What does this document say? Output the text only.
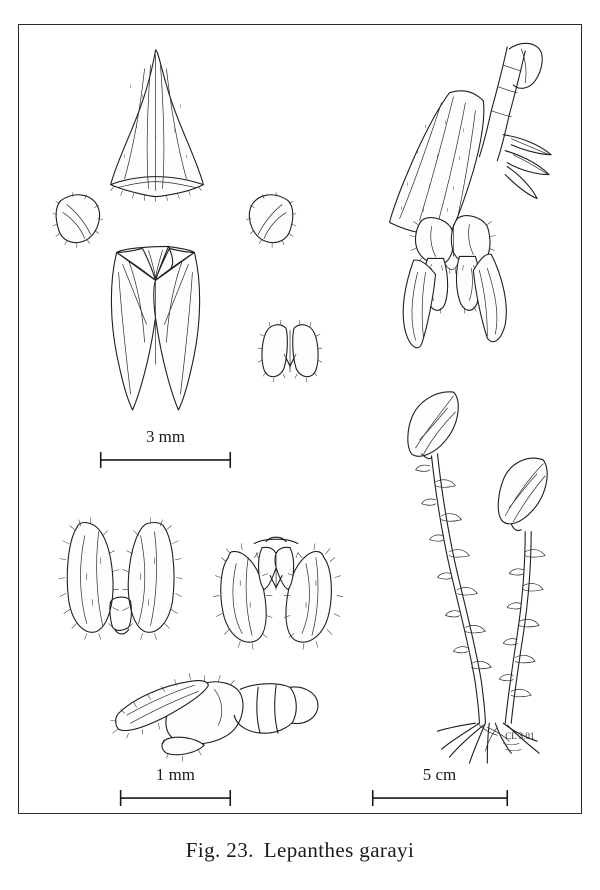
3 mm
CL 3.01
1 mm	5 cm
Fig. 23. Lepanthes garayi
